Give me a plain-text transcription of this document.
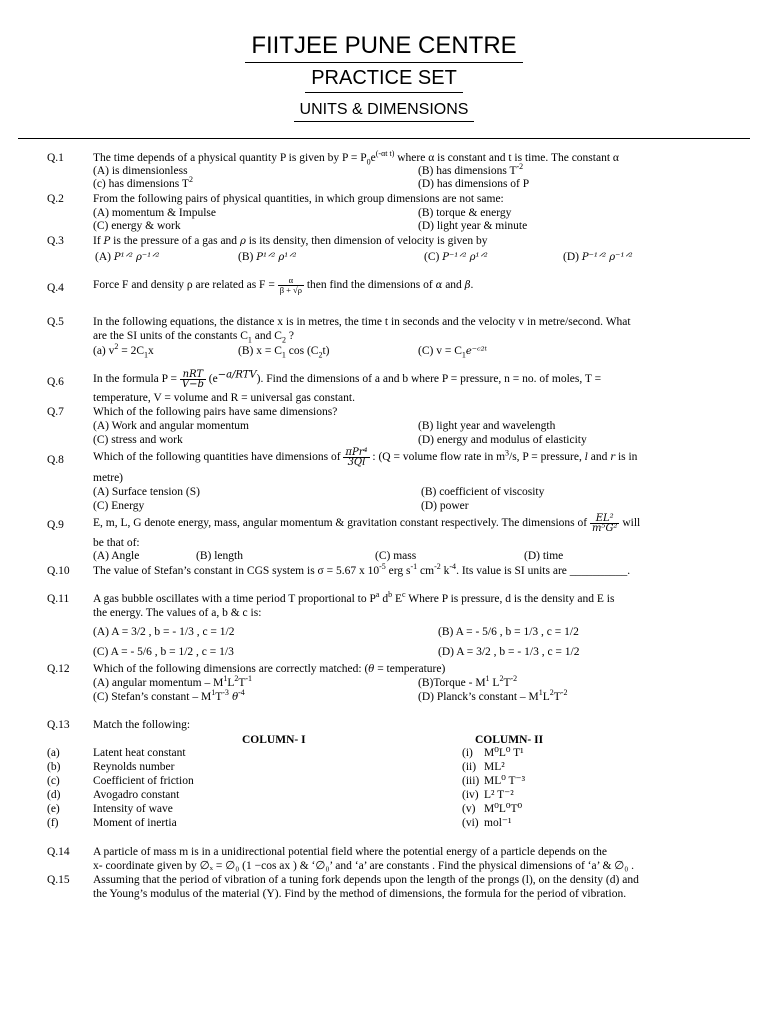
FIITJEE PUNE CENTRE
PRACTICE SET
UNITS & DIMENSIONS
Q.1	The time depends of a physical quantity P is given by $P = P_0e^{(-\alpha t t)}$ where α is constant and t is time. The constant α
(A) is dimensionless	(B) has dimensions $T^{-2}$
(c) has dimensions $T^2$	(D) has dimensions of P
Q.2	From the following pairs of physical quantities, in which group dimensions are not same:
(A) momentum & Impulse	(B) torque & energy
(C) energy & work	(D) light year & minute
Q.3	If P is the pressure of a gas and ρ is its density, then dimension of velocity is given by
(A) P¹ᐟ² ρ⁻¹ᐟ²	(B) P¹ᐟ² ρ¹ᐟ²	(C) P⁻¹ᐟ² ρ¹ᐟ²	(D) P⁻¹ᐟ² ρ⁻¹ᐟ²
Q.4	Force F and density ρ are related as $F = \frac{\alpha}{\beta + √\rho}$ then find the dimensions of α and β.
Q.5	In the following equations, the distance x is in metres, the time t in seconds and the velocity v in metre/second. What
are the SI units of the constants $C_1$ and $C_2$ ?
(a) $v^2 = 2C_1x$	(B) $x = C_1$ $\cos (C_2t)$	(C) $v = C_1e^-ᶜ^2ᵗ$
Q.6	In the formula $P = \frac{\text{nRT}}{V-b} (e^{-a/RTV})$. Find the dimensions of a and b where P = pressure, n = no. of moles, T =
temperature, V = volume and R = universal gas constant.
Q.7	Which of the following pairs have same dimensions?
(A) Work and angular momentum	(B) light year and wavelength
(C) stress and work	(D) energy and modulus of elasticity
Q.8	Which of the following quantities have dimensions of $\frac{\text{πPr⁴}}{3Ql}$ : (Q = volume flow rate in $m^3/s$, P = pressure, l and r is in
metre)
(A) Surface tension (S)	(B) coefficient of viscosity
(C) Energy	(D) power
Q.9	E, m, L, G denote energy, mass, angular momentum & gravitation constant respectively. The dimensions of $\frac{\text{EL²}}{\text{m⁵G²}}$ will
be that of:
(A) Angle	(B) length	(C) mass	(D) time
Q.10 The value of Stefan’s constant in CGS system is σ = 5.67 x $10^{-5}$ erg $s^{-1}$ $cm^{-2}$ $k^{-4}$. Its value is SI units are __________.
Q.11 A gas bubble oscillates with a time period T proportional to $P^a$ $d^b$ $E^c$ Where P is pressure, d is the density and E is
the energy. The values of a, b & c is:
(A) A = 3/2 , b = - 1/3 , c = 1/2	(B) A = - 5/6 , b = 1/3 , c = 1/2
(C) A = - 5/6 , b = 1/2 , c = 1/3	(D) A = 3/2 , b = - 1/3 , c = 1/2
Q.12 Which of the following dimensions are correctly matched: (θ = temperature)
(A) angular momentum – $M^1L^2T^{-1}$	(B)Torque - $M^1$ $L^2T^{-2}$
(C) Stefan’s constant – $M^1T^{-3}$ $\theta^{-4}$	(D) Planck’s constant – $M^1L^2T^{-2}$
Q.13 Match the following:
COLUMN- I	COLUMN- II
(a)	Latent heat constant	(i) M⁰L⁰ T¹
(b)	Reynolds number	(ii) ML²
(c)	Coefficient of friction	(iii) ML⁰ T⁻³
(d)	Avogadro constant	(iv) L² T⁻²
(e)	Intensity of wave	(v) M⁰L⁰T⁰
(f)	Moment of inertia	(vi) mol⁻¹
Q.14 A particle of mass m is in a unidirectional potential field where the potential energy of a particle depends on the
x- coordinate given by ∅ₓ = ∅₀ (1 −cos ax ) & ‘∅₀’ and ‘a’ are constants . Find the physical dimensions of ‘a’ & ∅₀ .
Q.15 Assuming that the period of vibration of a tuning fork depends upon the length of the prongs (l), on the density (d) and
the Young’s modulus of the material (Y). Find by the method of dimensions, the formula for the period of vibration.
